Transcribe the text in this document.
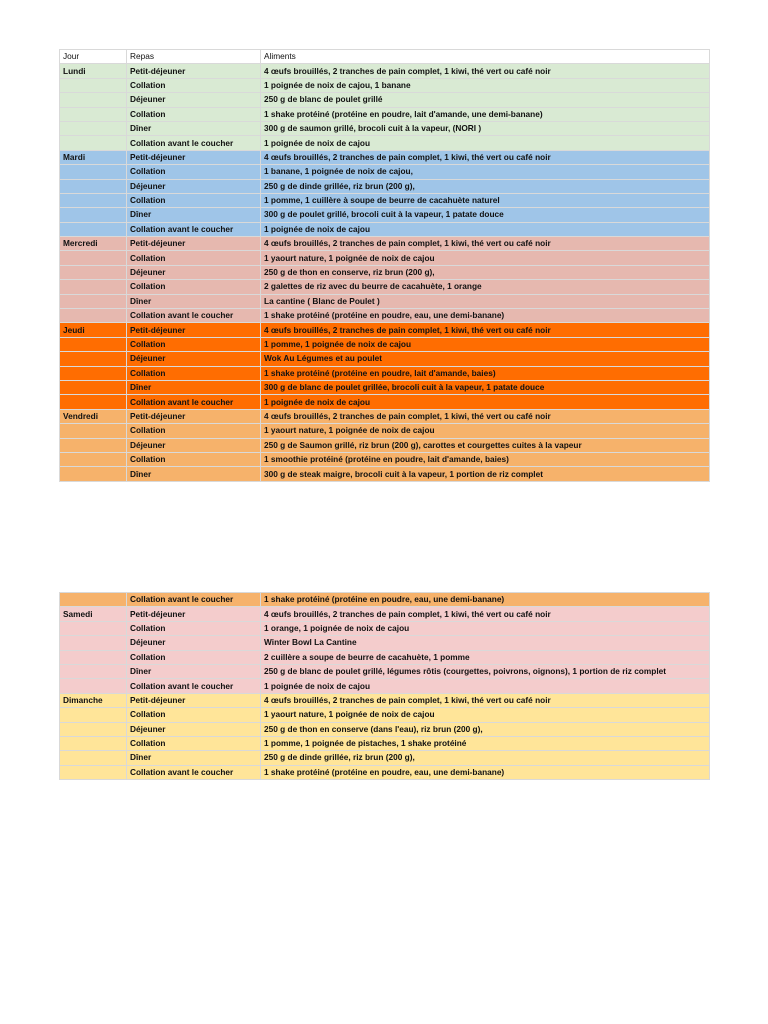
Jour	Repas	Aliments
Lundi	Petit-déjeuner	4 œufs brouillés, 2 tranches de pain complet, 1 kiwi, thé vert ou café noir
	Collation	1 poignée de noix de cajou, 1 banane
	Déjeuner	250 g de blanc de poulet grillé
	Collation	1 shake protéiné (protéine en poudre, lait d'amande, une demi-banane)
	Dîner	300 g de saumon grillé, brocoli cuit à la vapeur, (NORI )
	Collation avant le coucher	1 poignée de noix de cajou
Mardi	Petit-déjeuner	4 œufs brouillés, 2 tranches de pain complet, 1 kiwi, thé vert ou café noir
	Collation	1 banane, 1 poignée de noix de cajou,
	Déjeuner	250 g de dinde grillée, riz brun (200 g),
	Collation	1 pomme, 1 cuillère à soupe de beurre de cacahuète naturel
	Dîner	300 g de poulet grillé, brocoli cuit à la vapeur, 1 patate douce
	Collation avant le coucher	1 poignée de noix de cajou
Mercredi	Petit-déjeuner	4 œufs brouillés, 2 tranches de pain complet, 1 kiwi, thé vert ou café noir
	Collation	1 yaourt nature, 1 poignée de noix de cajou
	Déjeuner	250 g de thon en conserve, riz brun (200 g),
	Collation	2 galettes de riz avec du beurre de cacahuète, 1 orange
	Dîner	La cantine ( Blanc de Poulet )
	Collation avant le coucher	1 shake protéiné (protéine en poudre, eau, une demi-banane)
Jeudi	Petit-déjeuner	4 œufs brouillés, 2 tranches de pain complet, 1 kiwi, thé vert ou café noir
	Collation	1 pomme, 1 poignée de noix de cajou
	Déjeuner	Wok Au Légumes et au poulet
	Collation	1 shake protéiné (protéine en poudre, lait d'amande, baies)
	Dîner	300 g de blanc de poulet grillée, brocoli cuit à la vapeur, 1 patate douce
	Collation avant le coucher	1 poignée de noix de cajou
Vendredi	Petit-déjeuner	4 œufs brouillés, 2 tranches de pain complet, 1 kiwi, thé vert ou café noir
	Collation	1 yaourt nature, 1 poignée de noix de cajou
	Déjeuner	250 g de Saumon grillé, riz brun (200 g), carottes et courgettes cuites à la vapeur
	Collation	1 smoothie protéiné (protéine en poudre, lait d'amande, baies)
	Dîner	300 g de steak maigre, brocoli cuit à la vapeur, 1 portion de riz complet
	Collation avant le coucher	1 shake protéiné (protéine en poudre, eau, une demi-banane)
Samedi	Petit-déjeuner	4 œufs brouillés, 2 tranches de pain complet, 1 kiwi, thé vert ou café noir
	Collation	1 orange, 1 poignée de noix de cajou
	Déjeuner	Winter Bowl La Cantine
	Collation	2 cuillère a soupe de beurre de cacahuète, 1 pomme
	Dîner	250 g de blanc de poulet grillé, légumes rôtis (courgettes, poivrons, oignons), 1 portion de riz complet
	Collation avant le coucher	1 poignée de noix de cajou
Dimanche	Petit-déjeuner	4 œufs brouillés, 2 tranches de pain complet, 1 kiwi, thé vert ou café noir
	Collation	1 yaourt nature, 1 poignée de noix de cajou
	Déjeuner	250 g de thon en conserve (dans l'eau), riz brun (200 g),
	Collation	1 pomme, 1 poignée de pistaches, 1 shake protéiné
	Dîner	250 g de dinde grillée, riz brun (200 g),
	Collation avant le coucher	1 shake protéiné (protéine en poudre, eau, une demi-banane)
